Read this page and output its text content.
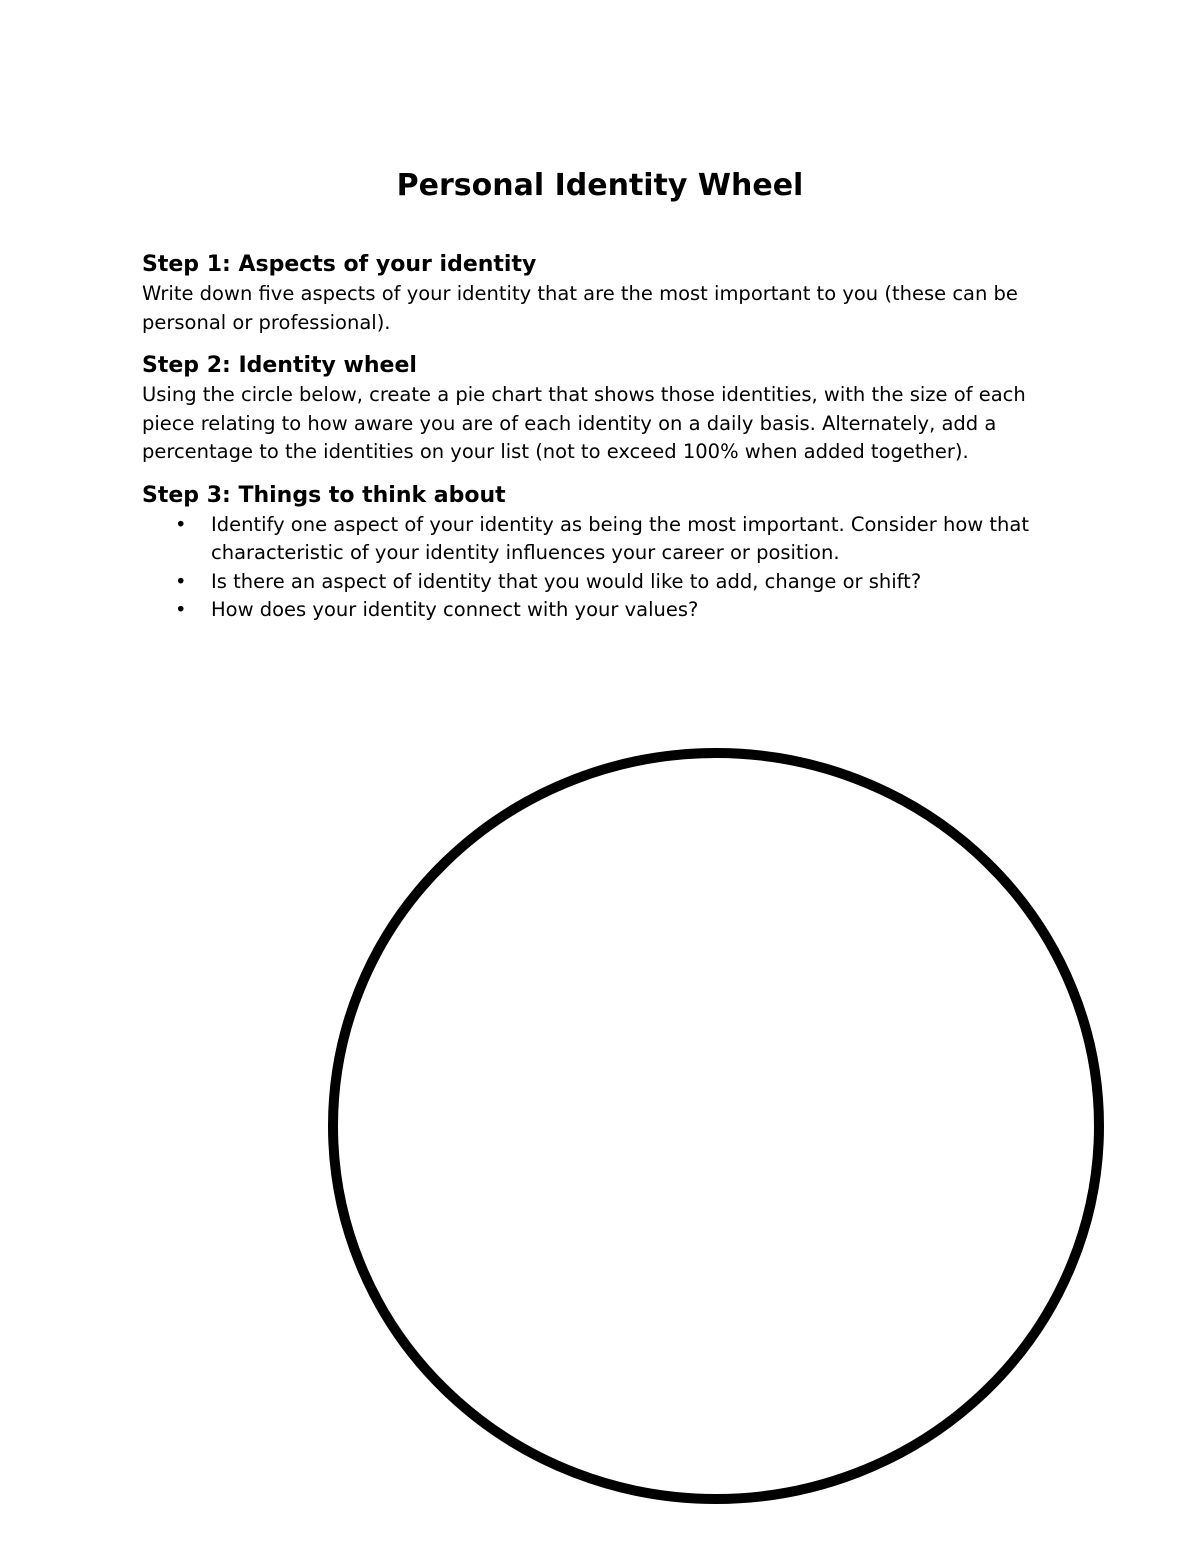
Personal Identity Wheel
Step 1: Aspects of your identity
Write down five aspects of your identity that are the most important to you (these can be personal or professional).
Step 2: Identity wheel
Using the circle below, create a pie chart that shows those identities, with the size of each piece relating to how aware you are of each identity on a daily basis. Alternately, add a percentage to the identities on your list (not to exceed 100% when added together).
Step 3: Things to think about
• Identify one aspect of your identity as being the most important. Consider how that characteristic of your identity influences your career or position.
• Is there an aspect of identity that you would like to add, change or shift?
• How does your identity connect with your values?
